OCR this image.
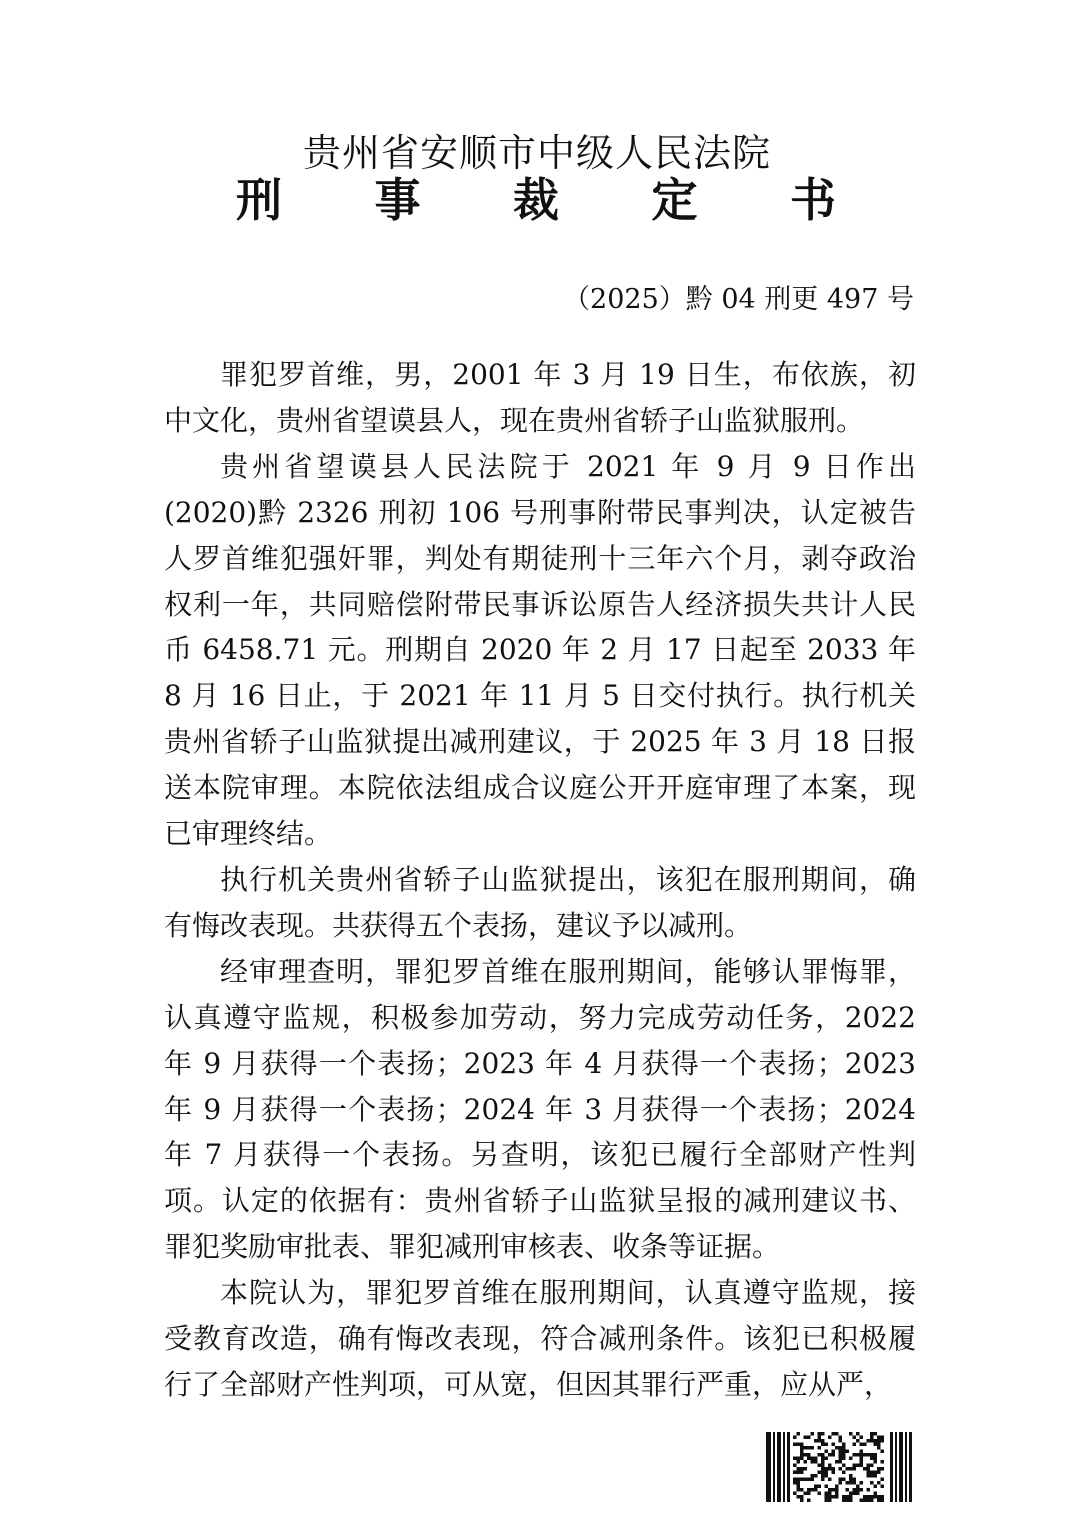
贵州省安顺市中级人民法院
刑 事 裁 定 书
（2025）黔 04 刑更 497 号

罪犯罗首维，男，2001 年 3 月 19 日生，布依族，初中文化，贵州省望谟县人，现在贵州省轿子山监狱服刑。

贵州省望谟县人民法院于 2021 年 9 月 9 日作出(2020)黔 2326 刑初 106 号刑事附带民事判决，认定被告人罗首维犯强奸罪，判处有期徒刑十三年六个月，剥夺政治权利一年，共同赔偿附带民事诉讼原告人经济损失共计人民币 6458.71 元。刑期自 2020 年 2 月 17 日起至 2033 年 8 月 16 日止，于 2021 年 11 月 5 日交付执行。执行机关贵州省轿子山监狱提出减刑建议，于 2025 年 3 月 18 日报送本院审理。本院依法组成合议庭公开开庭审理了本案，现已审理终结。

执行机关贵州省轿子山监狱提出，该犯在服刑期间，确有悔改表现。共获得五个表扬，建议予以减刑。

经审理查明，罪犯罗首维在服刑期间，能够认罪悔罪，认真遵守监规，积极参加劳动，努力完成劳动任务，2022 年 9 月获得一个表扬；2023 年 4 月获得一个表扬；2023 年 9 月获得一个表扬；2024 年 3 月获得一个表扬；2024 年 7 月获得一个表扬。另查明，该犯已履行全部财产性判项。认定的依据有：贵州省轿子山监狱呈报的减刑建议书、罪犯奖励审批表、罪犯减刑审核表、收条等证据。

本院认为，罪犯罗首维在服刑期间，认真遵守监规，接受教育改造，确有悔改表现，符合减刑条件。该犯已积极履行了全部财产性判项，可从宽，但因其罪行严重，应从严，
